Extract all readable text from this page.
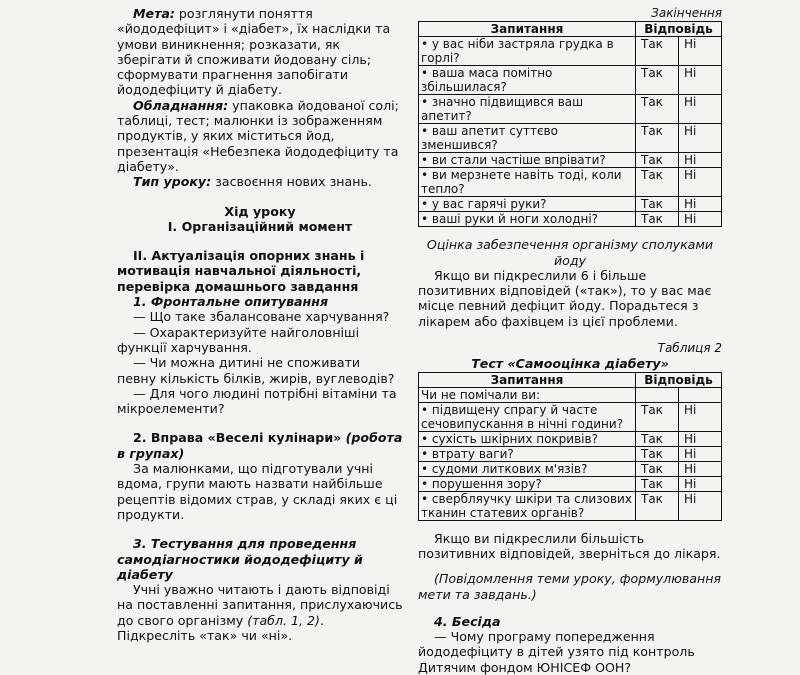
Мета: розглянути поняття «йододефіцит» і «діабет», їх наслідки та умови виникнення; розказати, як зберігати й споживати йодовану сіль; сформувати прагнення запобігати йододефіциту й діабету.

Обладнання: упаковка йодованої солі; таблиці, тест; малюнки із зображенням продуктів, у яких міститься йод, презентація «Небезпека йододефіциту та діабету».

Тип уроку: засвоєння нових знань.

Хід уроку

I. Організаційний момент

II. Актуалізація опорних знань і мотивація навчальної діяльності, перевірка домашнього завдання

1. Фронтальне опитування

— Що таке збалансоване харчування?

— Охарактеризуйте найголовніші функції харчування.

— Чи можна дитині не споживати певну кількість білків, жирів, вуглеводів?

— Для чого людині потрібні вітаміни та мікроелементи?

2. Вправа «Веселі кулінари» (робота в групах)

За малюнками, що підготували учні вдома, групи мають назвати найбільше рецептів відомих страв, у складі яких є ці продукти.

3. Тестування для проведення самодіагностики йододефіциту й діабету

Учні уважно читають і дають відповіді на поставленні запитання, прислухаючись до свого організму (табл. 1, 2). Підкресліть «так» чи «ні».

Закінчення

Запитання	Відповідь	
• у вас ніби застряла грудка в горлі?	Так	Ні
• ваша маса помітно збільшилася?	Так	Ні
• значно підвищився ваш апетит?	Так	Ні
• ваш апетит суттєво зменшився?	Так	Ні
• ви стали частіше впрівати?	Так	Ні
• ви мерзнете навіть тоді, коли тепло?	Так	Ні
• у вас гарячі руки?	Так	Ні
• ваші руки й ноги холодні?	Так	Ні

Оцінка забезпечення організму сполуками йоду

Якщо ви підкреслили 6 і більше позитивних відповідей («так»), то у вас має місце певний дефіцит йоду. Порадьтеся з лікарем або фахівцем із цієї проблеми.

Таблиця 2

Тест «Самооцінка діабету»

Запитання	Відповідь	
Чи не помічали ви:		
• підвищену спрагу й часте сечовипускання в нічні години?	Так	Ні
• сухість шкірних покривів?	Так	Ні
• втрату ваги?	Так	Ні
• судоми литкових м'язів?	Так	Ні
• порушення зору?	Так	Ні
• свербляучку шкіри та слизових тканин статевих органів?	Так	Ні

Якщо ви підкреслили більшість позитивних відповідей, зверніться до лікаря.

(Повідомлення теми уроку, формулювання мети та завдань.)

4. Бесіда

— Чому програму попередження йододефіциту в дітей узято під контроль Дитячим фондом ЮНІСЕФ ООН?
